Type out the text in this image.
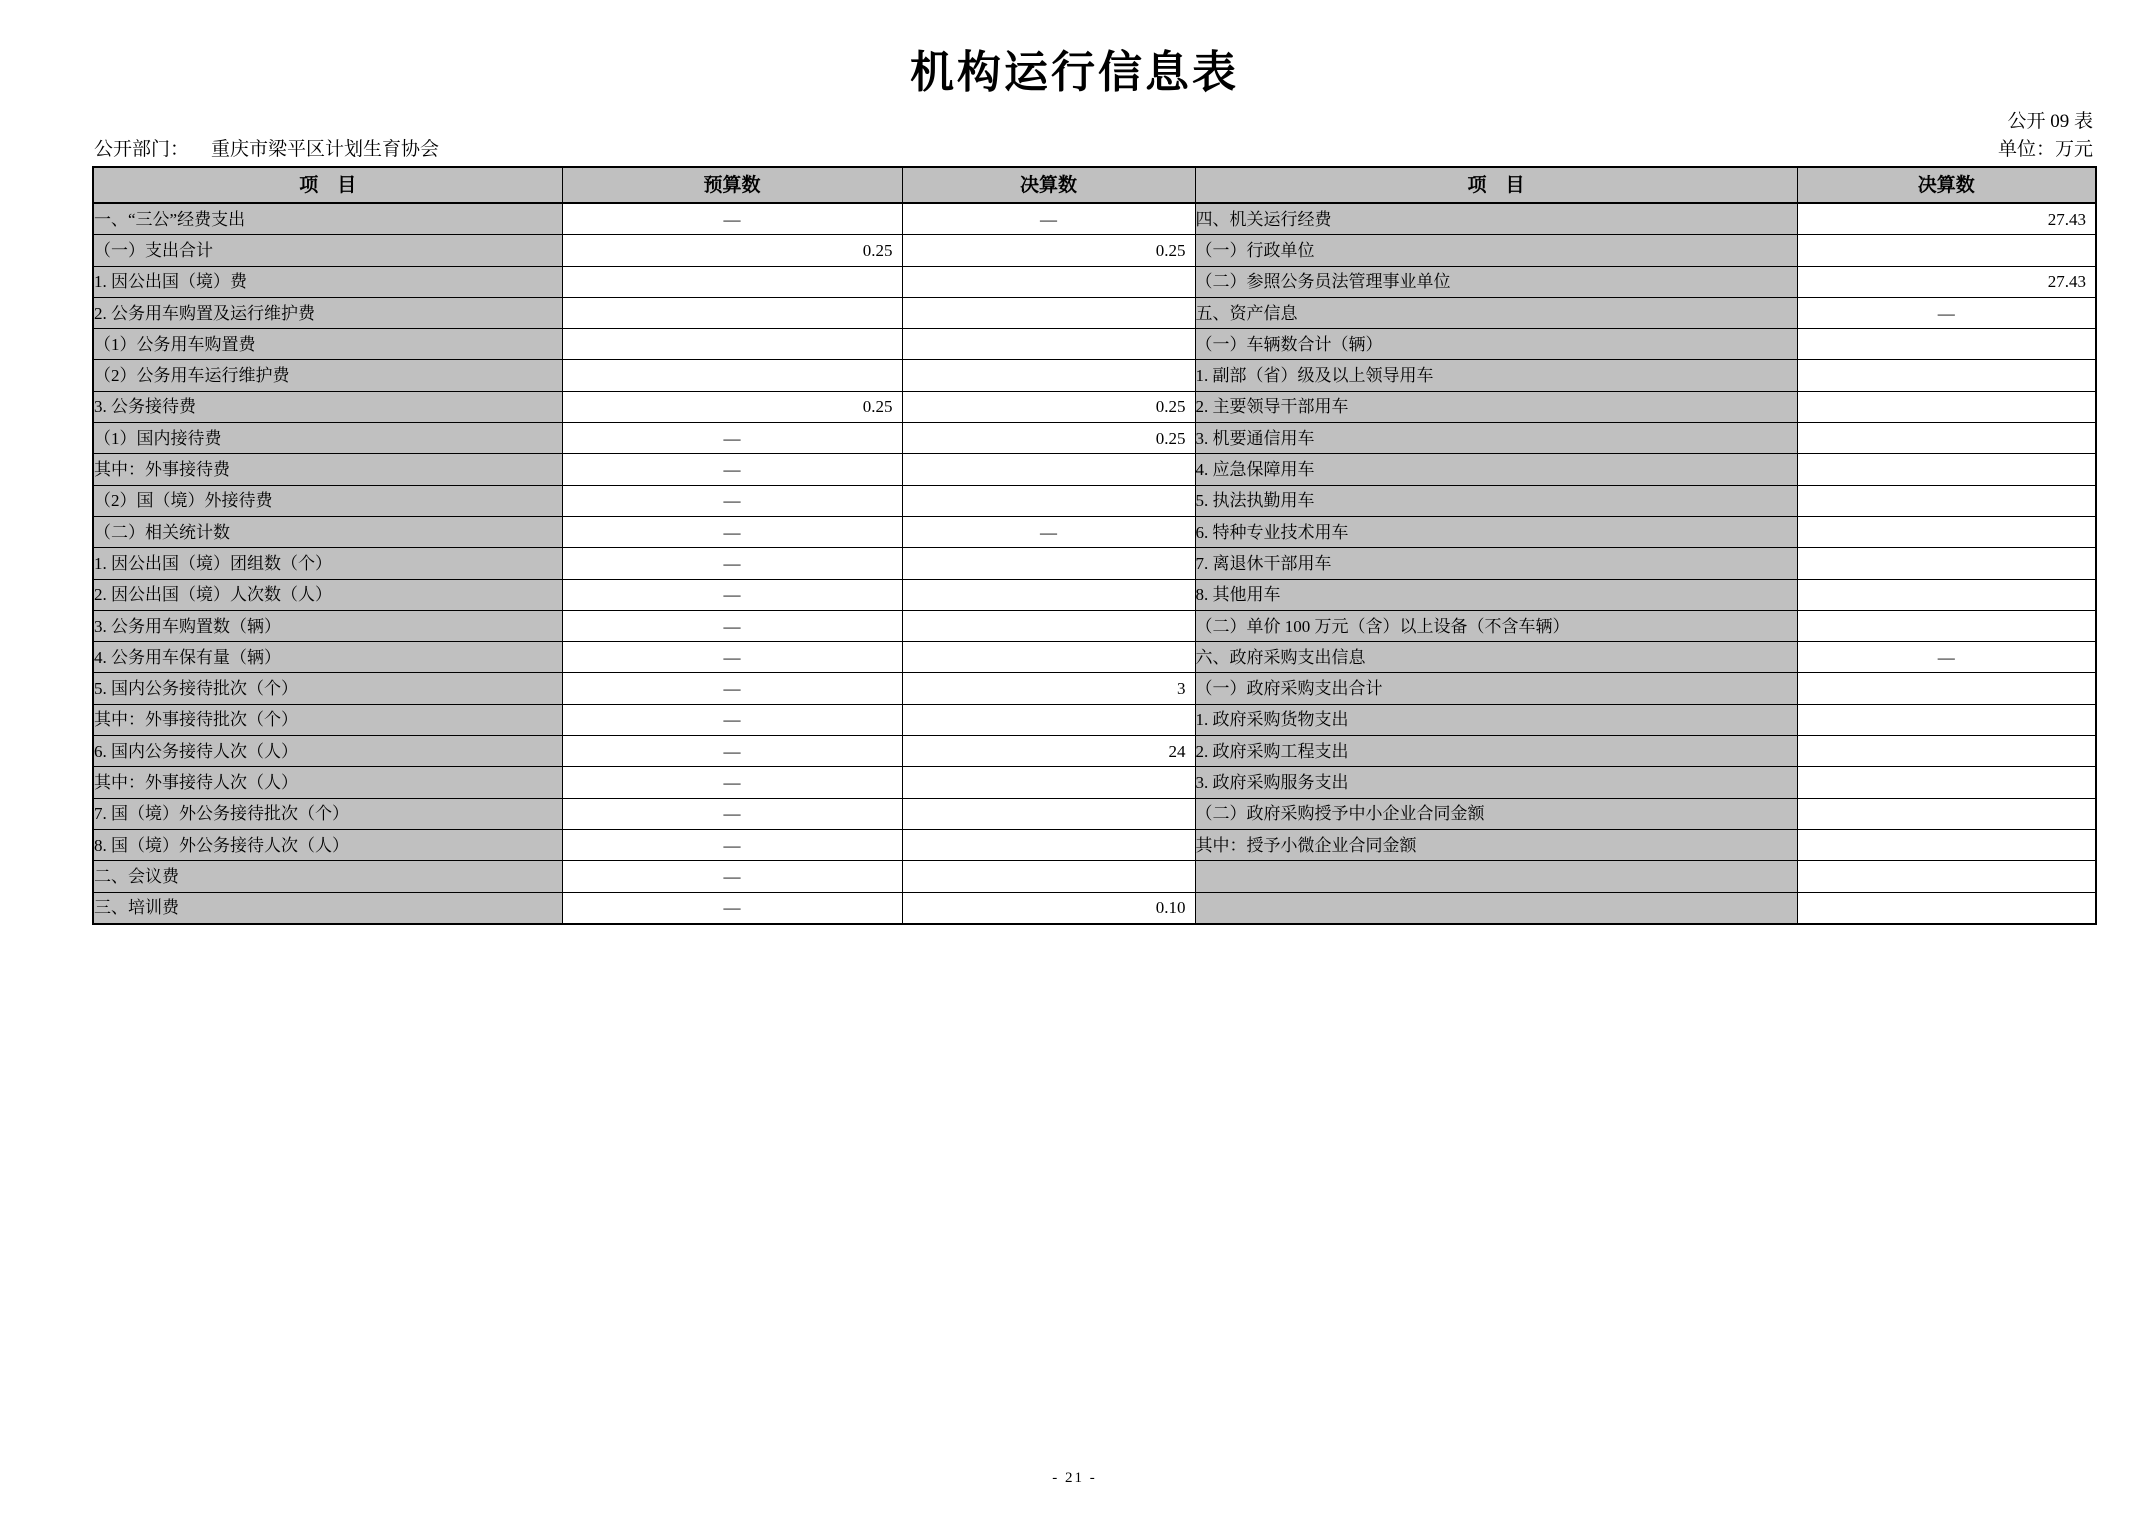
机构运行信息表
公开 09 表
公开部门： 重庆市梁平区计划生育协会	单位：万元
项　目	预算数	决算数	项　目	决算数
一、“三公”经费支出	—	—	四、机关运行经费	27.43
（一）支出合计	0.25	0.25	（一）行政单位	
1. 因公出国（境）费			（二）参照公务员法管理事业单位	27.43
2. 公务用车购置及运行维护费			五、资产信息	—
（1）公务用车购置费			（一）车辆数合计（辆）	
（2）公务用车运行维护费			1. 副部（省）级及以上领导用车	
3. 公务接待费	0.25	0.25	2. 主要领导干部用车	
（1）国内接待费	—	0.25	3. 机要通信用车	
其中：外事接待费	—		4. 应急保障用车	
（2）国（境）外接待费	—		5. 执法执勤用车	
（二）相关统计数	—	—	6. 特种专业技术用车	
1. 因公出国（境）团组数（个）	—		7. 离退休干部用车	
2. 因公出国（境）人次数（人）	—		8. 其他用车	
3. 公务用车购置数（辆）	—		（二）单价 100 万元（含）以上设备（不含车辆）	
4. 公务用车保有量（辆）	—		六、政府采购支出信息	—
5. 国内公务接待批次（个）	—	3	（一）政府采购支出合计	
其中：外事接待批次（个）	—		1. 政府采购货物支出	
6. 国内公务接待人次（人）	—	24	2. 政府采购工程支出	
其中：外事接待人次（人）	—		3. 政府采购服务支出	
7. 国（境）外公务接待批次（个）	—		（二）政府采购授予中小企业合同金额	
8. 国（境）外公务接待人次（人）	—		其中：授予小微企业合同金额	
二、会议费	—			
三、培训费	—	0.10		
- 21 -
